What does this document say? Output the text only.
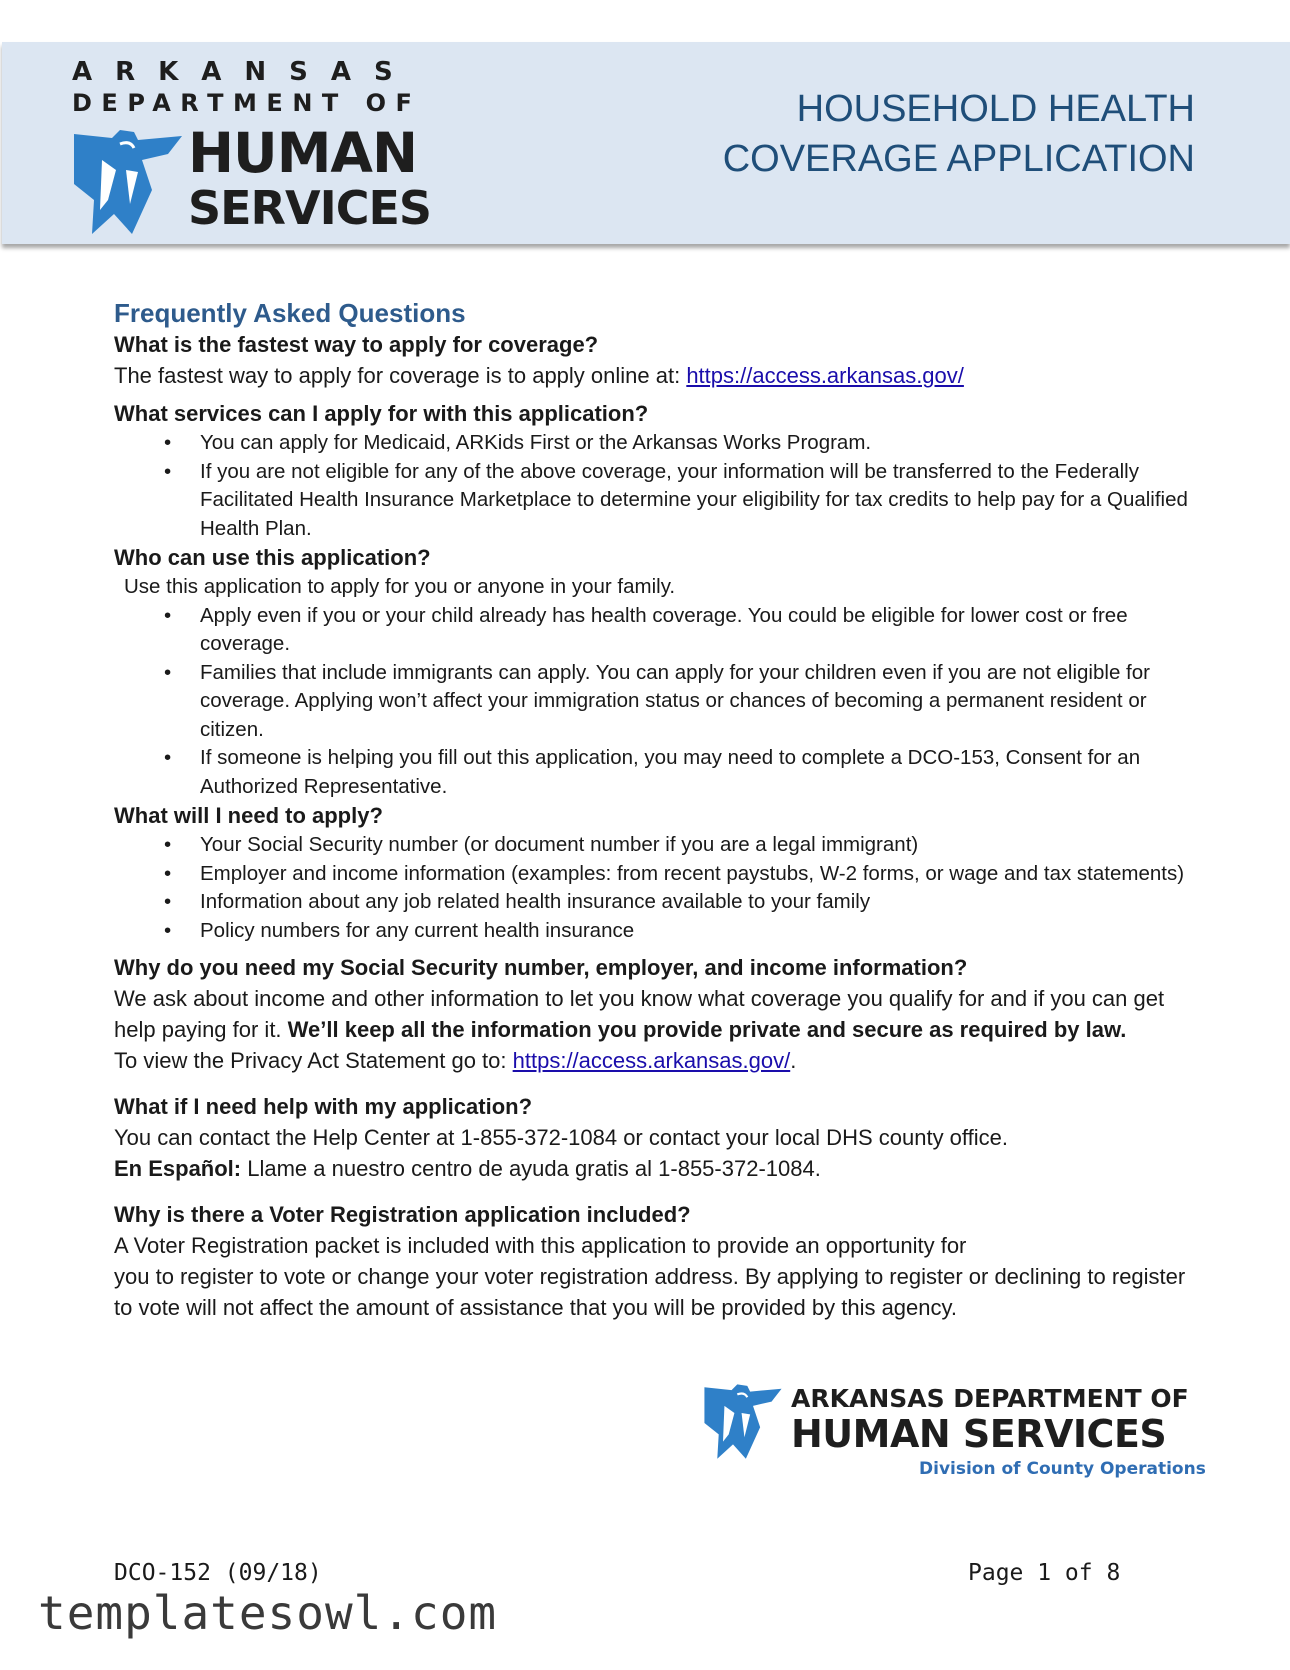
ARKANSAS
DEPARTMENT OF
HUMAN
SERVICES
HOUSEHOLD HEALTH
COVERAGE APPLICATION

Frequently Asked Questions

What is the fastest way to apply for coverage?

The fastest way to apply for coverage is to apply online at: https://access.arkansas.gov/

What services can I apply for with this application?

• You can apply for Medicaid, ARKids First or the Arkansas Works Program.
• If you are not eligible for any of the above coverage, your information will be transferred to the Federally Facilitated Health Insurance Marketplace to determine your eligibility for tax credits to help pay for a Qualified Health Plan.

Who can use this application?

Use this application to apply for you or anyone in your family.

• Apply even if you or your child already has health coverage. You could be eligible for lower cost or free coverage.
• Families that include immigrants can apply. You can apply for your children even if you are not eligible for coverage. Applying won’t affect your immigration status or chances of becoming a permanent resident or citizen.
• If someone is helping you fill out this application, you may need to complete a DCO-153, Consent for an Authorized Representative.

What will I need to apply?

• Your Social Security number (or document number if you are a legal immigrant)
• Employer and income information (examples: from recent paystubs, W-2 forms, or wage and tax statements)
• Information about any job related health insurance available to your family
• Policy numbers for any current health insurance

Why do you need my Social Security number, employer, and income information?

We ask about income and other information to let you know what coverage you qualify for and if you can get help paying for it. We’ll keep all the information you provide private and secure as required by law.
To view the Privacy Act Statement go to: https://access.arkansas.gov/.

What if I need help with my application?

You can contact the Help Center at 1-855-372-1084 or contact your local DHS county office.

En Español: Llame a nuestro centro de ayuda gratis al 1-855-372-1084.

Why is there a Voter Registration application included?

A Voter Registration packet is included with this application to provide an opportunity for
you to register to vote or change your voter registration address. By applying to register or declining to register to vote will not affect the amount of assistance that you will be provided by this agency.

ARKANSAS DEPARTMENT OF
HUMAN SERVICES
Division of County Operations
DCO-152 (09/18)	Page 1 of 8
templatesowl.com
